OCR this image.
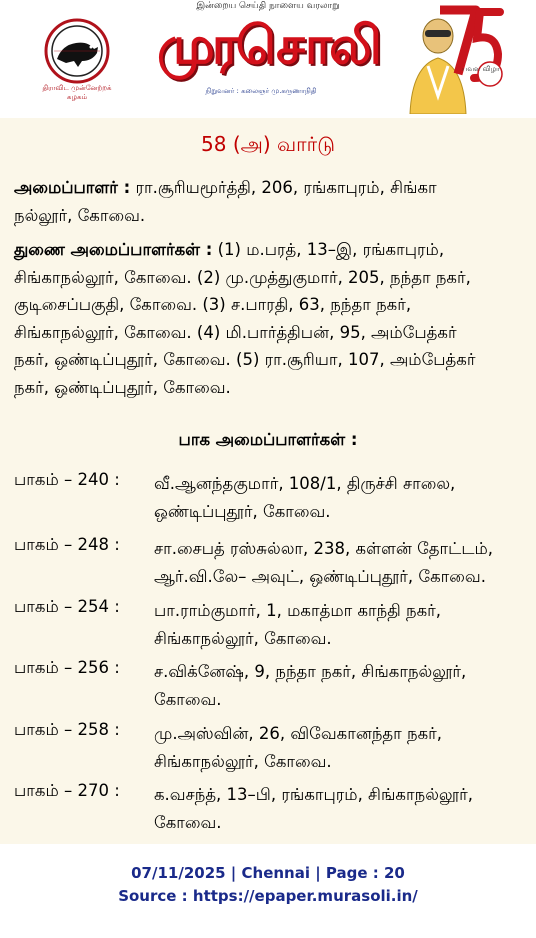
இன்றைய செய்தி நாளைய வரலாறு
திராவிட முன்னேற்றக் கழகம்
முரசொலி
நிறுவனர் : கலைஞர் மு.கருணாநிதி
பவள விழா
58 (அ) வார்டு
அமைப்பாளர் : ரா.சூரியமூர்த்தி, 206, ரங்காபுரம், சிங்கா
நல்லூர், கோவை.
துணை அமைப்பாளர்கள் : (1) ம.பரத், 13–இ, ரங்காபுரம்,
சிங்காநல்லூர், கோவை. (2) மு.முத்துகுமார், 205, நந்தா நகர்,
குடிசைப்பகுதி, கோவை. (3) ச.பாரதி, 63, நந்தா நகர்,
சிங்காநல்லூர், கோவை. (4) மி.பார்த்திபன், 95, அம்பேத்கர்
நகர், ஒண்டிப்புதூர், கோவை. (5) ரா.சூரியா, 107, அம்பேத்கர்
நகர், ஒண்டிப்புதூர், கோவை.
பாக அமைப்பாளர்கள் :
பாகம் – 240 :	வீ.ஆனந்தகுமார், 108/1, திருச்சி சாலை,
ஒண்டிப்புதூர், கோவை.
பாகம் – 248 :	சா.சைபத் ரஸ்சுல்லா, 238, கள்ளன் தோட்டம்,
ஆர்.வி.லே– அவுட், ஒண்டிப்புதூர், கோவை.
பாகம் – 254 :	பா.ராம்குமார், 1, மகாத்மா காந்தி நகர்,
சிங்காநல்லூர், கோவை.
பாகம் – 256 :	ச.விக்னேஷ், 9, நந்தா நகர், சிங்காநல்லூர்,
கோவை.
பாகம் – 258 :	மு.அஸ்வின், 26, விவேகானந்தா நகர்,
சிங்காநல்லூர், கோவை.
பாகம் – 270 :	க.வசந்த், 13–பி, ரங்காபுரம், சிங்காநல்லூர்,
கோவை.
07/11/2025 | Chennai | Page : 20
Source : https://epaper.murasoli.in/
